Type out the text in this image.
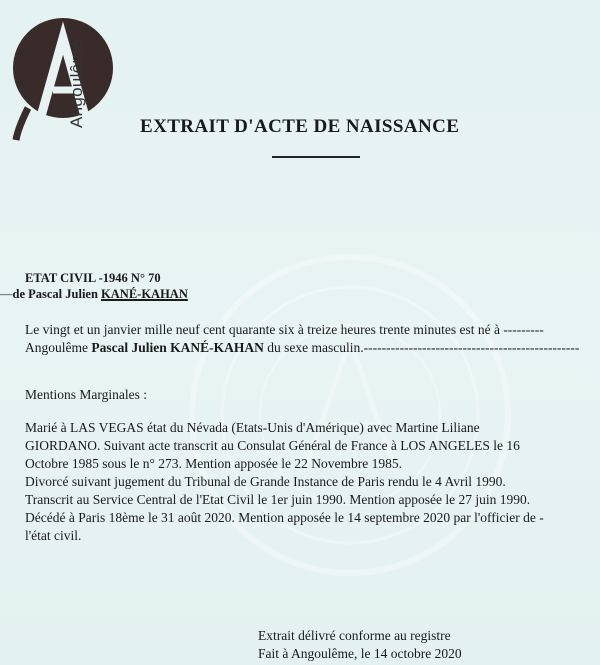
Angoulême	EXTRAIT D'ACTE DE NAISSANCE
ETAT CIVIL -1946 N° 70
—de Pascal Julien KANÉ-KAHAN
Le vingt et un janvier mille neuf cent quarante six à treize heures trente minutes est né à ---------
Angoulême Pascal Julien KANÉ-KAHAN du sexe masculin.------------------------------------------------
Mentions Marginales :
Marié à LAS VEGAS état du Névada (Etats-Unis d'Amérique) avec Martine Liliane
GIORDANO. Suivant acte transcrit au Consulat Général de France à LOS ANGELES le 16
Octobre 1985 sous le n° 273. Mention apposée le 22 Novembre 1985.
Divorcé suivant jugement du Tribunal de Grande Instance de Paris rendu le 4 Avril 1990.
Transcrit au Service Central de l'Etat Civil le 1er juin 1990. Mention apposée le 27 juin 1990.
Décédé à Paris 18ème le 31 août 2020. Mention apposée le 14 septembre 2020 par l'officier de -
l'état civil.
Extrait délivré conforme au registre
Fait à Angoulême, le 14 octobre 2020
